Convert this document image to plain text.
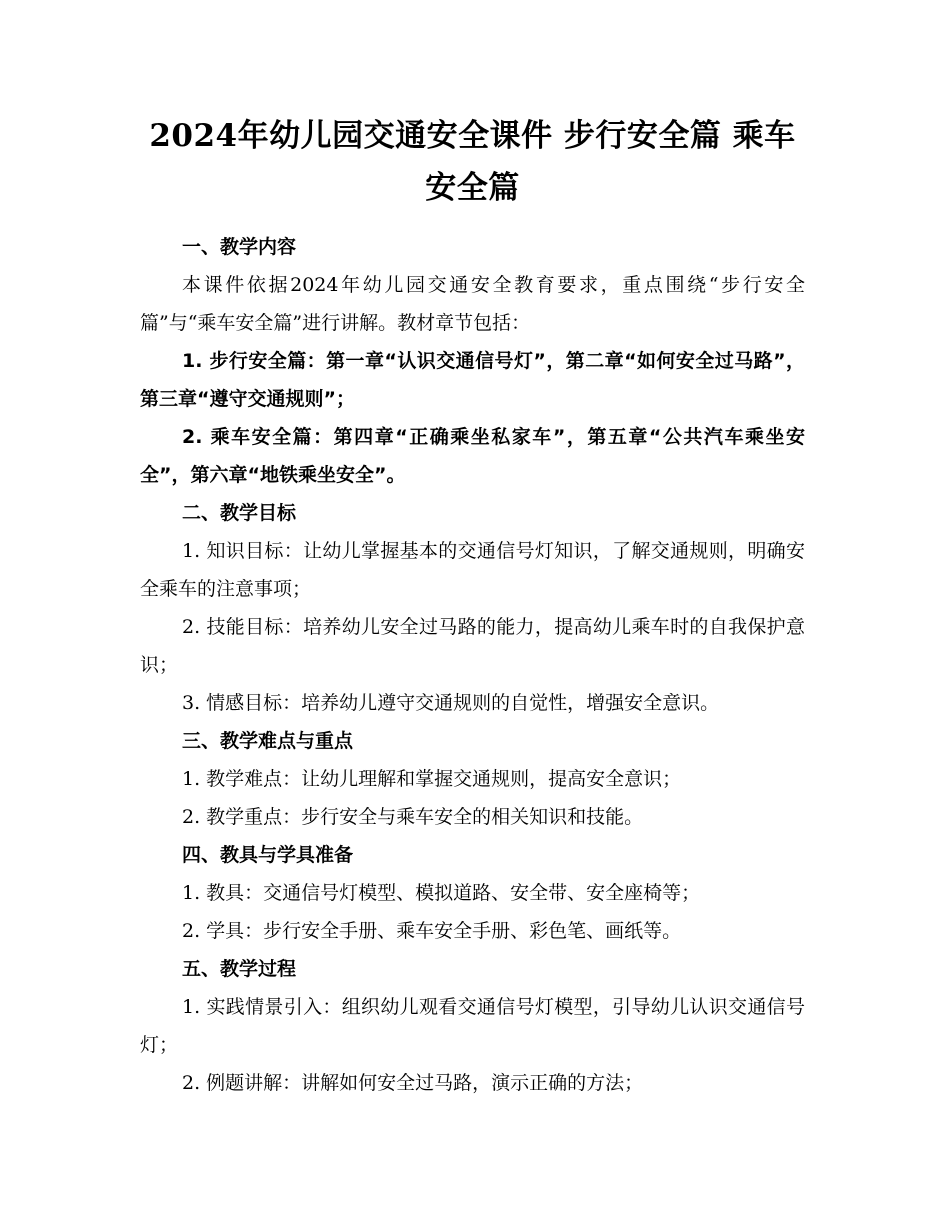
2024年幼儿园交通安全课件 步行安全篇 乘车安全篇

一、教学内容

本课件依据2024年幼儿园交通安全教育要求，重点围绕“步行安全篇”与“乘车安全篇”进行讲解。教材章节包括：

1. 步行安全篇：第一章“认识交通信号灯”，第二章“如何安全过马路”，第三章“遵守交通规则”；

2. 乘车安全篇：第四章“正确乘坐私家车”，第五章“公共汽车乘坐安全”，第六章“地铁乘坐安全”。

二、教学目标

1. 知识目标：让幼儿掌握基本的交通信号灯知识，了解交通规则，明确安全乘车的注意事项；

2. 技能目标：培养幼儿安全过马路的能力，提高幼儿乘车时的自我保护意识；

3. 情感目标：培养幼儿遵守交通规则的自觉性，增强安全意识。

三、教学难点与重点

1. 教学难点：让幼儿理解和掌握交通规则，提高安全意识；

2. 教学重点：步行安全与乘车安全的相关知识和技能。

四、教具与学具准备

1. 教具：交通信号灯模型、模拟道路、安全带、安全座椅等；

2. 学具：步行安全手册、乘车安全手册、彩色笔、画纸等。

五、教学过程

1. 实践情景引入：组织幼儿观看交通信号灯模型，引导幼儿认识交通信号灯；

2. 例题讲解：讲解如何安全过马路，演示正确的方法；
